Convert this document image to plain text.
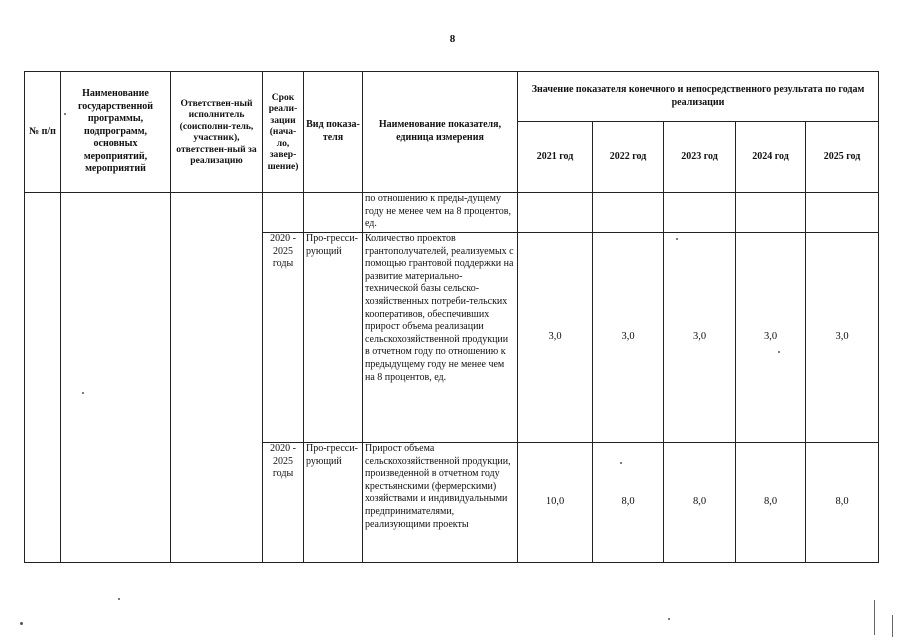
8
№ п/п	Наименование государственной программы, подпрограмм, основных мероприятий, мероприятий	Ответствен-ный исполнитель (соисполни-тель, участник), ответствен-ный за реализацию	Срок реали-зации (нача-ло, завер-шение)	Вид показа-теля	Наименование показателя, единица измерения	Значение показателя конечного и непосредственного результата по годам реализации				
						2021 год	2022 год	2023 год	2024 год	2025 год
					по отношению к преды-дущему году не менее чем на 8 процентов, ед.					
			2020 - 2025 годы	Про-гресси-рующий	Количество проектов грантополучателей, реализуемых с помощью грантовой поддержки на развитие материально-технической базы сельско-хозяйственных потреби-тельских кооперативов, обеспечивших прирост объема реализации сельскохозяйственной продукции в отчетном году по отношению к предыдущему году не менее чем на 8 процентов, ед.	3,0	3,0	3,0	3,0	3,0
			2020 - 2025 годы	Про-гресси-рующий	Прирост объема сельскохозяйственной продукции, произведенной в отчетном году крестьянскими (фермерскими) хозяйствами и индивидуальными предпринимателями, реализующими проекты	10,0	8,0	8,0	8,0	8,0
